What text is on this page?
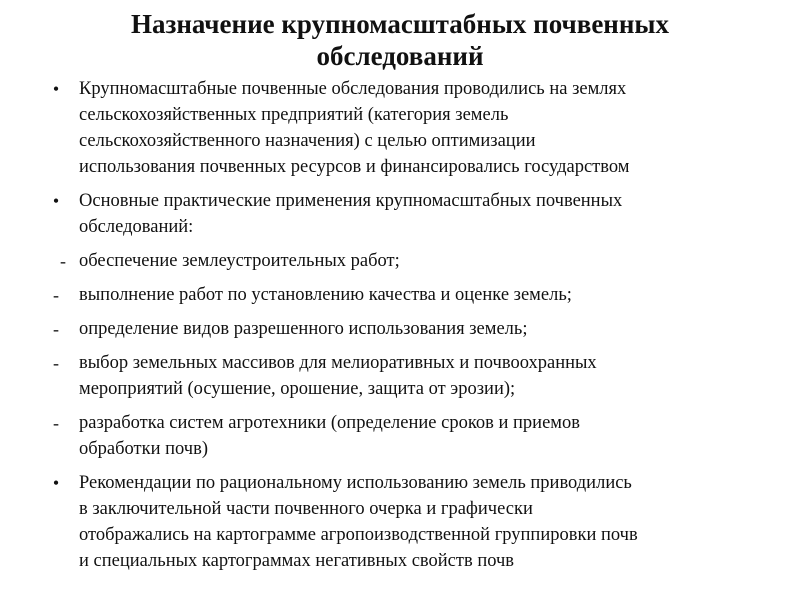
Назначение крупномасштабных почвенных
обследований
•	Крупномасштабные почвенные обследования проводились на землях
сельскохозяйственных предприятий (категория земель
сельскохозяйственного назначения) с целью оптимизации
использования почвенных ресурсов и финансировались государством
•	Основные практические применения крупномасштабных почвенных
обследований:
- обеспечение землеустроительных работ;
-	выполнение работ по установлению качества и оценке земель;
-	определение видов разрешенного использования земель;
-	выбор земельных массивов для мелиоративных и почвоохранных
мероприятий (осушение, орошение, защита от эрозии);
-	разработка систем агротехники (определение сроков и приемов
обработки почв)
•	Рекомендации по рациональному использованию земель приводились
в заключительной части почвенного очерка и графически
отображались на картограмме агропоизводственной группировки почв
и специальных картограммах негативных свойств почв
